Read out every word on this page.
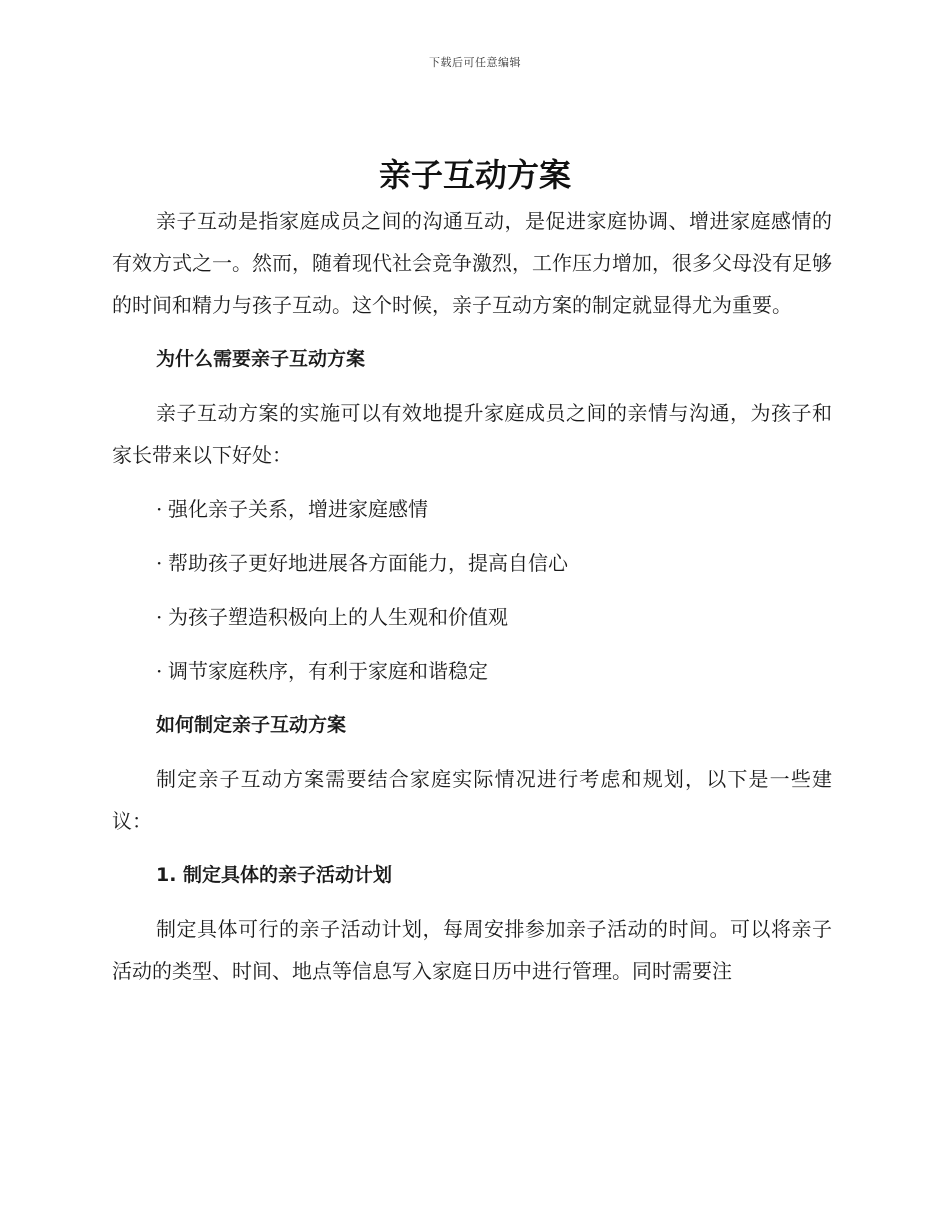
下载后可任意编辑
亲子互动方案

亲子互动是指家庭成员之间的沟通互动，是促进家庭协调、增进家庭感情的有效方式之一。然而，随着现代社会竞争激烈，工作压力增加，很多父母没有足够的时间和精力与孩子互动。这个时候，亲子互动方案的制定就显得尤为重要。

为什么需要亲子互动方案

亲子互动方案的实施可以有效地提升家庭成员之间的亲情与沟通，为孩子和家长带来以下好处：

· 强化亲子关系，增进家庭感情

· 帮助孩子更好地进展各方面能力，提高自信心

· 为孩子塑造积极向上的人生观和价值观

· 调节家庭秩序，有利于家庭和谐稳定

如何制定亲子互动方案

制定亲子互动方案需要结合家庭实际情况进行考虑和规划，以下是一些建议：

1. 制定具体的亲子活动计划

制定具体可行的亲子活动计划，每周安排参加亲子活动的时间。可以将亲子活动的类型、时间、地点等信息写入家庭日历中进行管理。同时需要注
